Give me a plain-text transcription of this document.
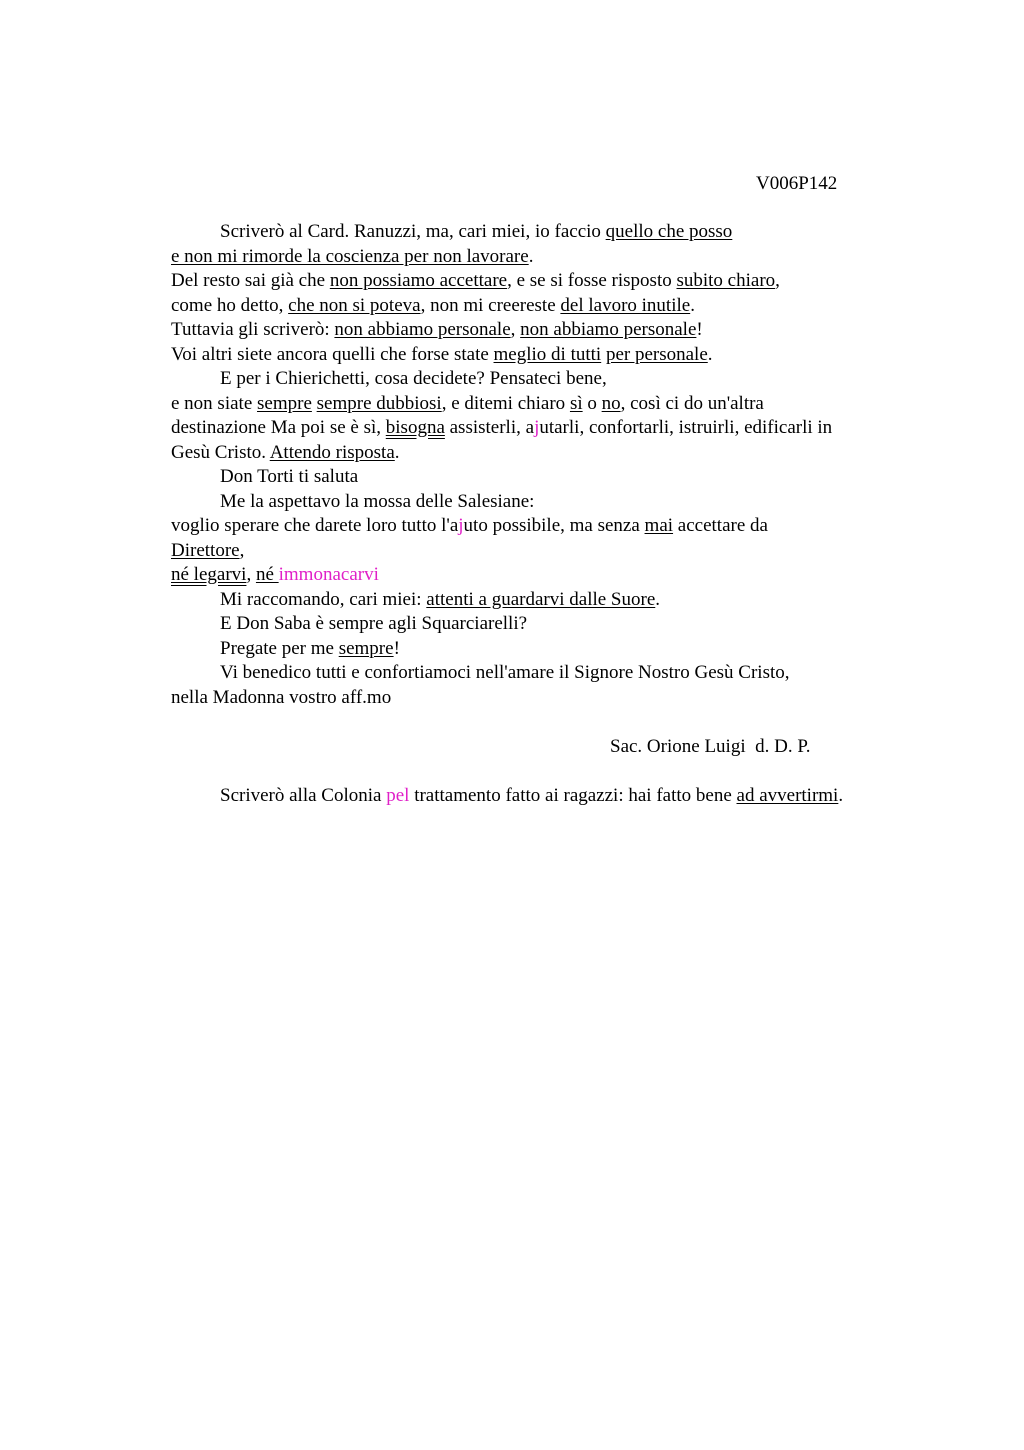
V006P142
Scriverò al Card. Ranuzzi, ma, cari miei, io faccio quello che posso
e non mi rimorde la coscienza per non lavorare.
Del resto sai già che non possiamo accettare, e se si fosse risposto subito chiaro,
come ho detto, che non si poteva, non mi creereste del lavoro inutile.
Tuttavia gli scriverò: non abbiamo personale, non abbiamo personale!
Voi altri siete ancora quelli che forse state meglio di tutti per personale.
E per i Chierichetti, cosa decidete? Pensateci bene,
e non siate sempre sempre dubbiosi, e ditemi chiaro sì o no, così ci do un'altra
destinazione Ma poi se è sì, bisogna assisterli, ajutarli, confortarli, istruirli, edificarli in
Gesù Cristo. Attendo risposta.
Don Torti ti saluta
Me la aspettavo la mossa delle Salesiane:
voglio sperare che darete loro tutto l'ajuto possibile, ma senza mai accettare da
Direttore,
né legarvi, né immonacarvi
Mi raccomando, cari miei: attenti a guardarvi dalle Suore.
E Don Saba è sempre agli Squarciarelli?
Pregate per me sempre!
Vi benedico tutti e confortiamoci nell'amare il Signore Nostro Gesù Cristo,
nella Madonna vostro aff.mo
Sac. Orione Luigi  d. D. P.
Scriverò alla Colonia pel trattamento fatto ai ragazzi: hai fatto bene ad avvertirmi.
